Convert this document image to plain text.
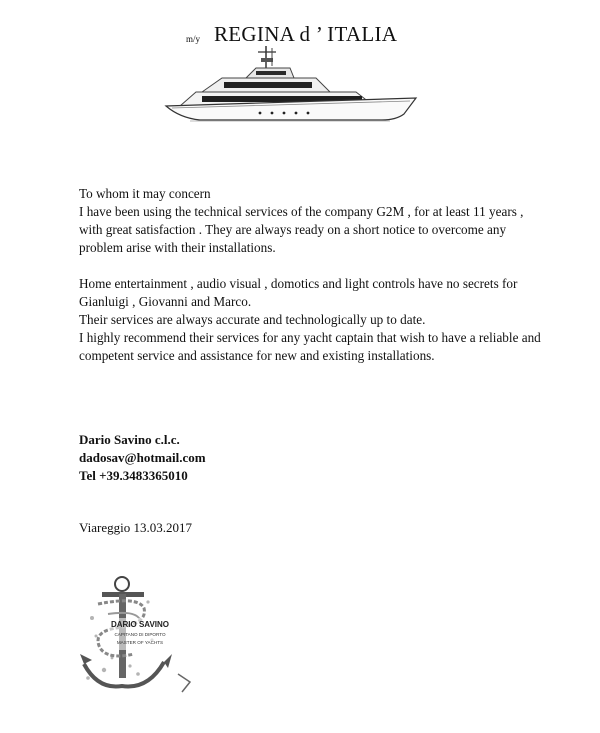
m/y REGINA d ’ ITALIA

To whom it may concern

I have been using the technical services of the company G2M , for at least 11 years , with great satisfaction . They are always ready on a short notice to overcome any problem arise with their installations.

Home entertainment , audio visual , domotics and light controls have no secrets for Gianluigi , Giovanni and Marco.

Their services are always accurate and technologically up to date.

I highly recommend their services for any yacht captain that wish to have a reliable and competent service and assistance for new and existing installations.

Dario Savino c.l.c.
dadosav@hotmail.com
Tel +39.3483365010
Viareggio 13.03.2017
DARIO SAVINO
CAPITANO DI DIPORTO
MASTER OF YACHTS
